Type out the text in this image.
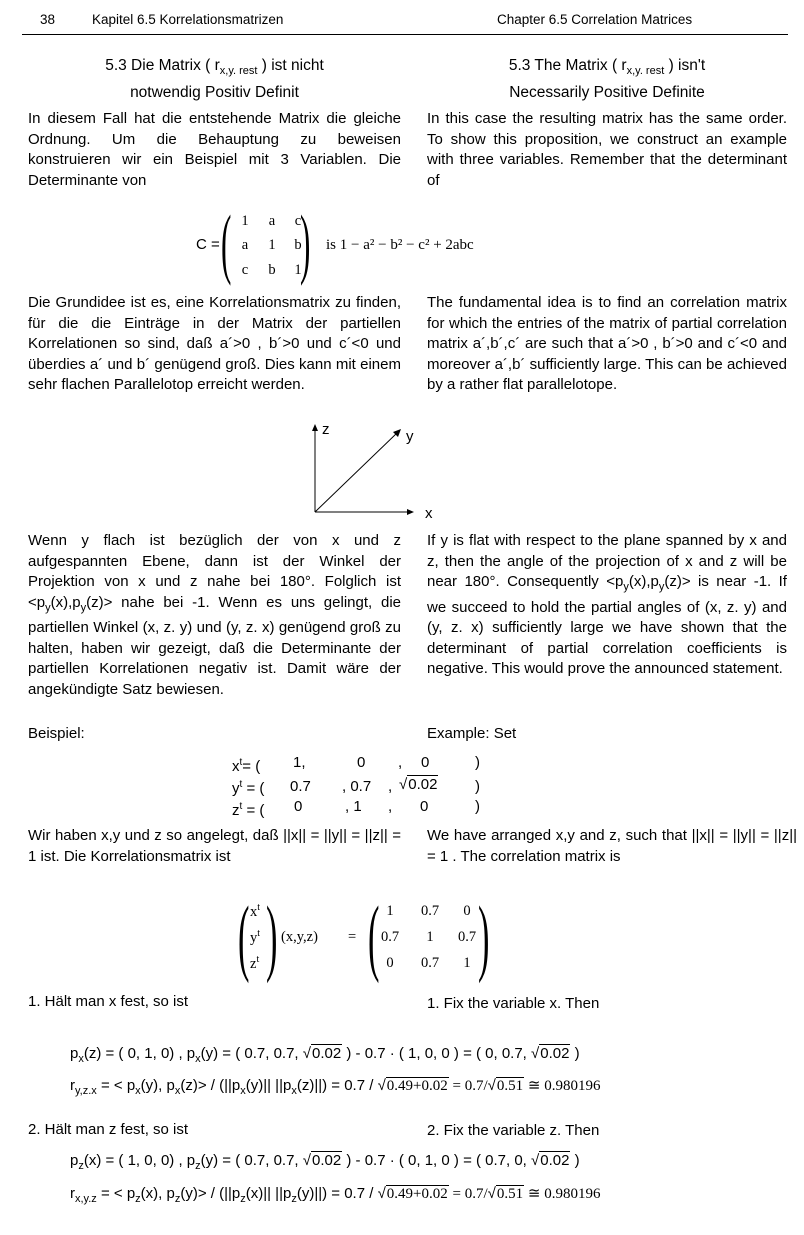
38	Kapitel 6.5 Korrelationsmatrizen	Chapter 6.5 Correlation Matrices
5.3 Die Matrix ( $r_{x,y. rest}$ ) ist nicht
notwendig Positiv Definit
5.3 The Matrix ( $r_{x,y. rest}$ ) isn't
Necessarily Positive Definite
In diesem Fall hat die entstehende Matrix die gleiche Ordnung. Um die Behauptung zu beweisen konstruieren wir ein Beispiel mit 3 Variablen. Die Determinante von
In this case the resulting matrix has the same order. To show this proposition, we construct an example with three variables. Remember that the determinant of
C = ( )
1	a	c
a	1	b
c	b	1
is 1 − a² − b² − c² + 2abc
Die Grundidee ist es, eine Korrelationsmatrix zu finden, für die die Einträge in der Matrix der partiellen Korrelationen so sind, daß a´>0 , b´>0 und c´<0 und überdies a´ und b´ genügend groß. Dies kann mit einem sehr flachen Parallelotop erreicht werden.
The fundamental idea is to find an correlation matrix for which the entries of the matrix of partial correlation matrix a´,b´,c´ are such that a´>0 , b´>0 and c´<0 and moreover a´,b´ sufficiently large. This can be achieved by a rather flat parallelotope.
z	y
x
Wenn y flach ist bezüglich der von x und z aufgespannten Ebene, dann ist der Winkel der Projektion von x und z nahe bei 180°. Folglich ist $<p_y(x),p_y(z)>$ nahe bei -1. Wenn es uns gelingt, die partiellen Winkel (x, z. y) und (y, z. x) genügend groß zu halten, haben wir gezeigt, daß die Determinante der partiellen Korrelationen negativ ist. Damit wäre der angekündigte Satz bewiesen.
If y is flat with respect to the plane spanned by x and z, then the angle of the projection of x and z will be near 180°. Consequently $<p_y(x),p_y(z)>$ is near -1. If we succeed to hold the partial angles of (x, z. y) and (y, z. x) sufficiently large we have shown that the determinant of partial correlation coefficients is negative. This would prove the announced statement.
Beispiel:	Example: Set
$x^t=$ ( 1,	0 , 0	)
$y^t$ = ( 0.7 , 0.7 , √0.02	)
$z^t$ = ( 0	, 1 , 0	)
Wir haben x,y und z so angelegt, daß ||x|| = ||y|| = ||z|| = 1 ist. Die Korrelationsmatrix ist
We have arranged x,y and z, such that ||x|| = ||y|| = ||z|| = 1 . The correlation matrix is
( $x^t$
$y^t$
$z^t$ ) (x,y,z) = ( 1	0.7	0
0.7	1	0.7
0	0.7	1 )
1. Hält man x fest, so ist	1. Fix the variable x. Then
$p_x(z)$ = ( 0, 1, 0) , $p_x(y)$ = ( 0.7, 0.7, √0.02 ) - 0.7 · ( 1, 0, 0 ) = ( 0, 0.7, √0.02 )
$r_{y,z.x}$ = < $p_x(y)$, $p_x(z)> / (||p_x(y)||$ $||p_x(z)||) = 0.7 / √0.49+0.02 = 0.7/√0.51$ ≅ 0.980196
2. Hält man z fest, so ist	2. Fix the variable z. Then
$p_z(x)$ = ( 1, 0, 0) , $p_z(y)$ = ( 0.7, 0.7, √0.02 ) - 0.7 · ( 0, 1, 0 ) = ( 0.7, 0, √0.02 )
$r_{x,y.z}$ = < $p_z(x)$, $p_z(y)> / (||p_z(x)||$ $||p_z(y)||) = 0.7 / √0.49+0.02 = 0.7/√0.51$ ≅ 0.980196
